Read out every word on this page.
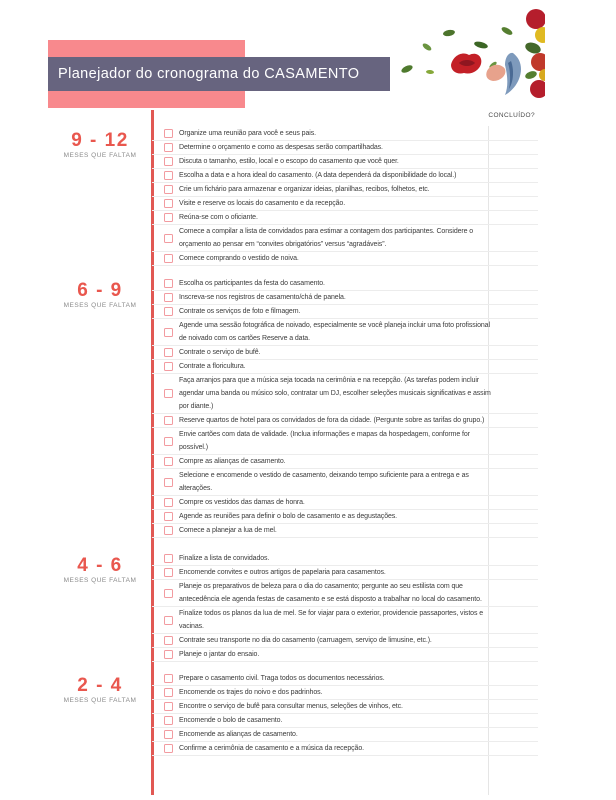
Planejador do cronograma do CASAMENTO
CONCLUÍDO?
9 - 12
MESES QUE FALTAM
Organize uma reunião para você e seus pais.
Determine o orçamento e como as despesas serão compartilhadas.
Discuta o tamanho, estilo, local e o escopo do casamento que você quer.
Escolha a data e a hora ideal do casamento. (A data dependerá da disponibilidade do local.)
Crie um fichário para armazenar e organizar ideias, planilhas, recibos, folhetos, etc.
Visite e reserve os locais do casamento e da recepção.
Reúna-se com o oficiante.
Comece a compilar a lista de convidados para estimar a contagem dos participantes. Considere o orçamento ao pensar em “convites obrigatórios” versus “agradáveis”.
Comece comprando o vestido de noiva.
6 - 9
MESES QUE FALTAM
Escolha os participantes da festa do casamento.
Inscreva-se nos registros de casamento/chá de panela.
Contrate os serviços de foto e filmagem.
Agende uma sessão fotográfica de noivado, especialmente se você planeja incluir uma foto profissional de noivado com os cartões Reserve a data.
Contrate o serviço de bufê.
Contrate a floricultura.
Faça arranjos para que a música seja tocada na cerimônia e na recepção. (As tarefas podem incluir agendar uma banda ou músico solo, contratar um DJ, escolher seleções musicais significativas e assim por diante.)
Reserve quartos de hotel para os convidados de fora da cidade. (Pergunte sobre as tarifas do grupo.)
Envie cartões com data de validade. (Inclua informações e mapas da hospedagem, conforme for possível.)
Compre as alianças de casamento.
Selecione e encomende o vestido de casamento, deixando tempo suficiente para a entrega e as alterações.
Compre os vestidos das damas de honra.
Agende as reuniões para definir o bolo de casamento e as degustações.
Comece a planejar a lua de mel.
4 - 6
MESES QUE FALTAM
Finalize a lista de convidados.
Encomende convites e outros artigos de papelaria para casamentos.
Planeje os preparativos de beleza para o dia do casamento; pergunte ao seu estilista com que antecedência ele agenda festas de casamento e se está disposto a trabalhar no local do casamento.
Finalize todos os planos da lua de mel. Se for viajar para o exterior, providencie passaportes, vistos e vacinas.
Contrate seu transporte no dia do casamento (carruagem, serviço de limusine, etc.).
Planeje o jantar do ensaio.
2 - 4
MESES QUE FALTAM
Prepare o casamento civil. Traga todos os documentos necessários.
Encomende os trajes do noivo e dos padrinhos.
Encontre o serviço de bufê para consultar menus, seleções de vinhos, etc.
Encomende o bolo de casamento.
Encomende as alianças de casamento.
Confirme a cerimônia de casamento e a música da recepção.
